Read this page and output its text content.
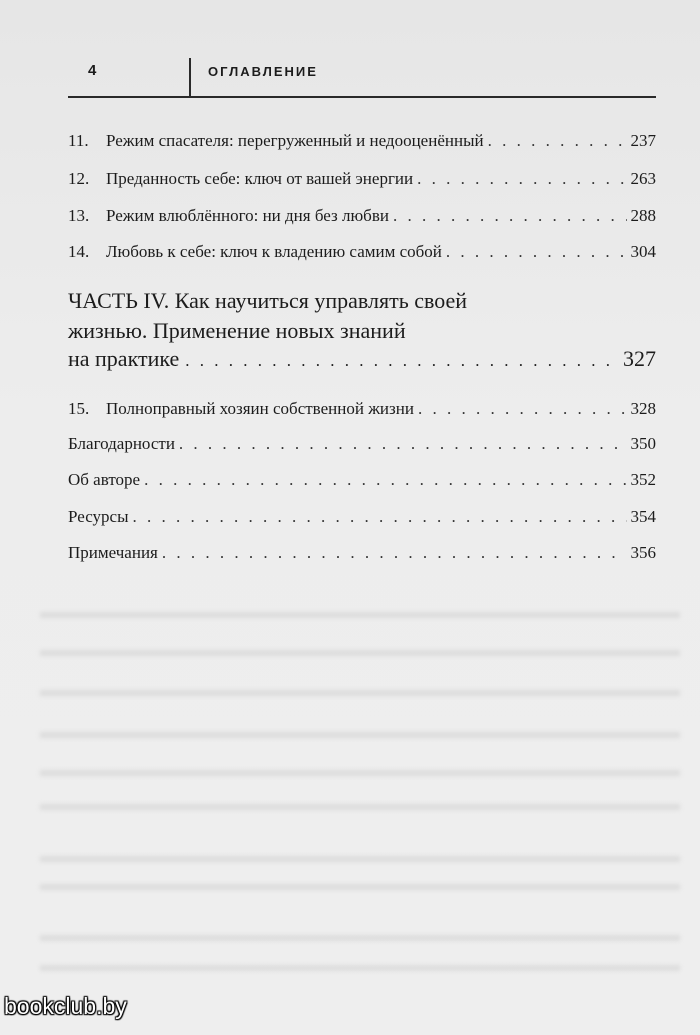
4	ОГЛАВЛЕНИЕ
11.	Режим спасателя: перегруженный и недооценённый . . .	237
12. Преданность себе: ключ от вашей энергии . . .	263
13. Режим влюблённого: ни дня без любви . . .	288
14. Любовь к себе: ключ к владению самим собой . . .	304
ЧАСТЬ IV. Как научиться управлять своей
жизнью. Применение новых знаний
на практике . . .	327
15. Полноправный хозяин собственной жизни . . .	328
Благодарности . . .	350
Об авторе . . .	352
Ресурсы . . .	354
Примечания . . .	356
bookclub.by
